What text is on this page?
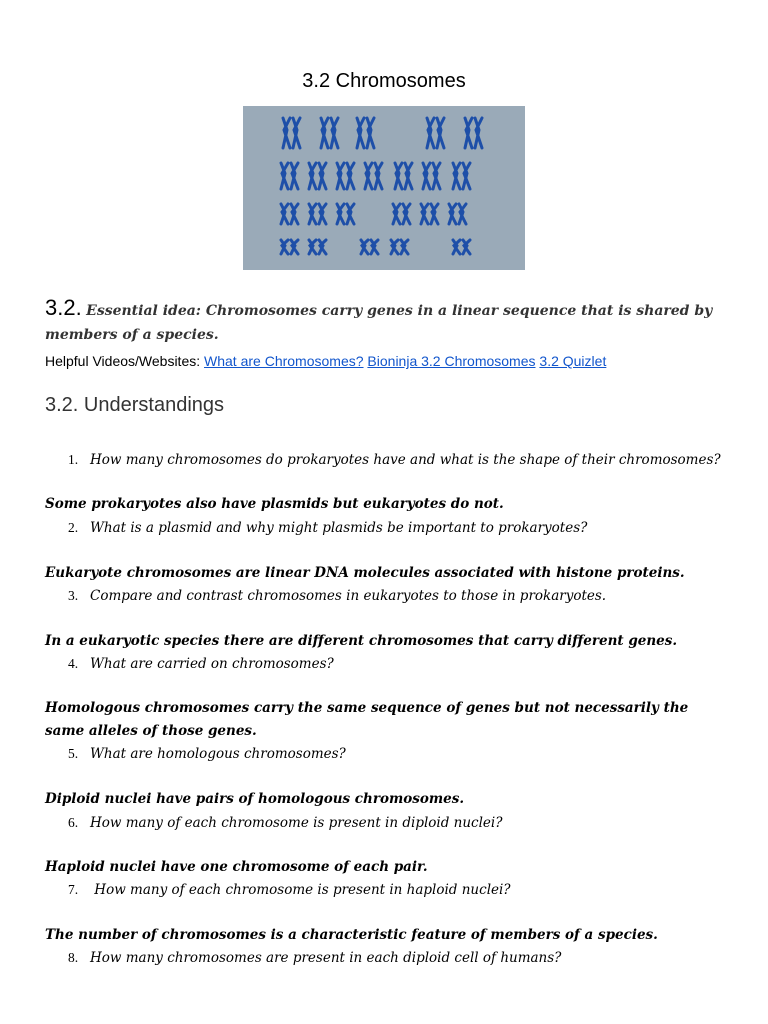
3.2 Chromosomes
3.2. Essential idea: Chromosomes carry genes in a linear sequence that is shared by members of a species.
Helpful Videos/Websites: What are Chromosomes? Bioninja 3.2 Chromosomes 3.2 Quizlet
3.2. Understandings
1. How many chromosomes do prokaryotes have and what is the shape of their chromosomes?
Some prokaryotes also have plasmids but eukaryotes do not.
2. What is a plasmid and why might plasmids be important to prokaryotes?
Eukaryote chromosomes are linear DNA molecules associated with histone proteins.
3. Compare and contrast chromosomes in eukaryotes to those in prokaryotes.
In a eukaryotic species there are different chromosomes that carry different genes.
4. What are carried on chromosomes?
Homologous chromosomes carry the same sequence of genes but not necessarily the same alleles of those genes.
5. What are homologous chromosomes?
Diploid nuclei have pairs of homologous chromosomes.
6. How many of each chromosome is present in diploid nuclei?
Haploid nuclei have one chromosome of each pair.
7. How many of each chromosome is present in haploid nuclei?
The number of chromosomes is a characteristic feature of members of a species.
8. How many chromosomes are present in each diploid cell of humans?
